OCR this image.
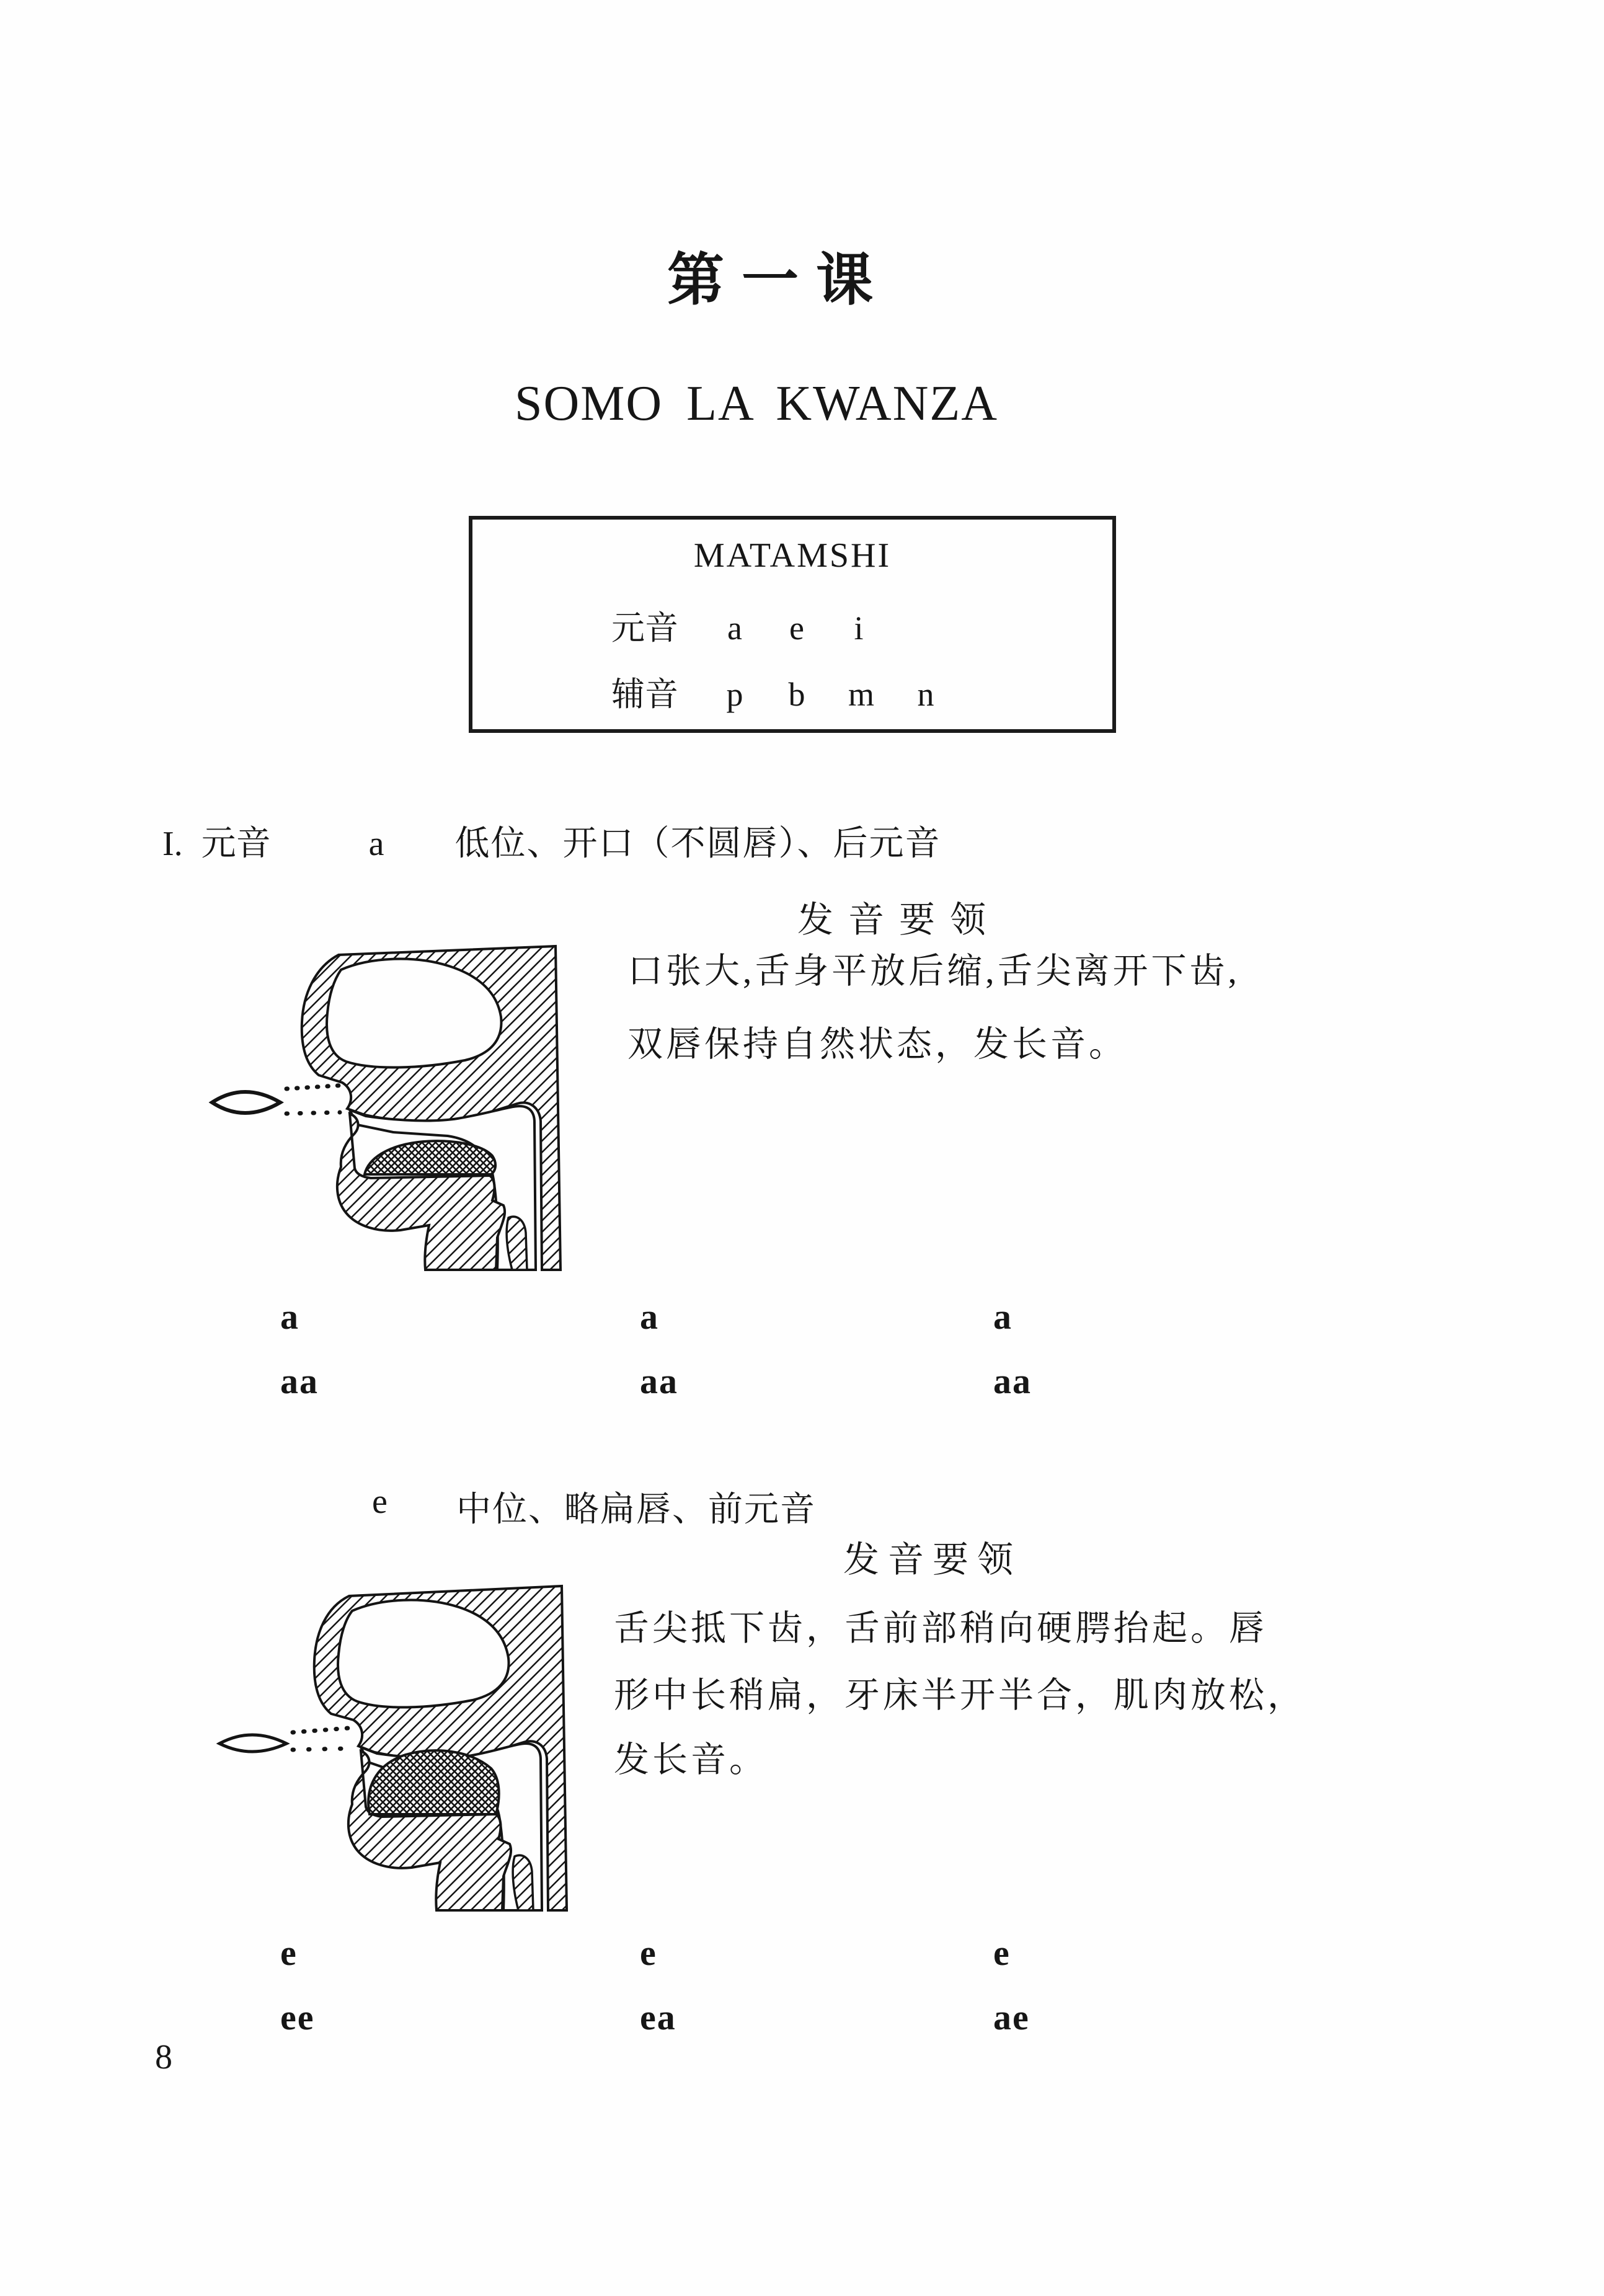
第一课
SOMO LA KWANZA
MATAMSHI
元音 a e i
辅音 p b m n
I. 元音	a 低位、开口（不圆唇）、后元音
发音要领
口张大,舌身平放后缩,舌尖离开下齿,
双唇保持自然状态，发长音。
a	a	a
aa	aa	aa
e 中位、略扁唇、前元音
发音要领
舌尖抵下齿，舌前部稍向硬腭抬起。唇
形中长稍扁，牙床半开半合，肌肉放松，
发长音。
e	e	e
ee	ea	ae
8
